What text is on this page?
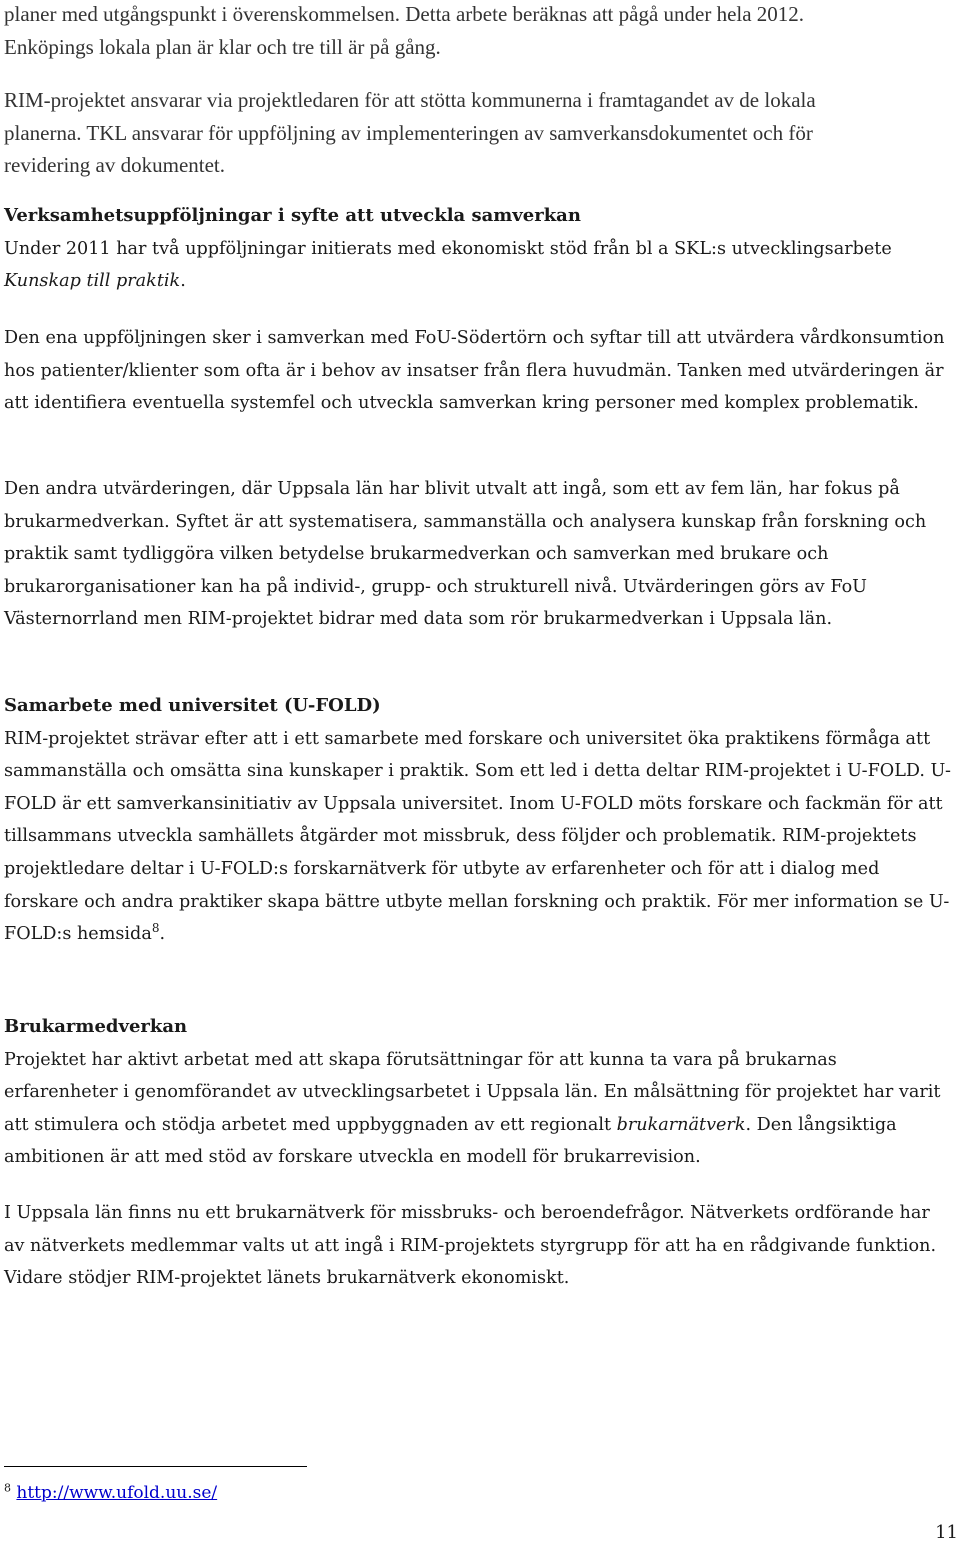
planer med utgångspunkt i överenskommelsen. Detta arbete beräknas att pågå under hela 2012.
Enköpings lokala plan är klar och tre till är på gång.

RIM-projektet ansvarar via projektledaren för att stötta kommunerna i framtagandet av de lokala
planerna. TKL ansvarar för uppföljning av implementeringen av samverkansdokumentet och för
revidering av dokumentet.

Verksamhetsuppföljningar i syfte att utveckla samverkan
Under 2011 har två uppföljningar initierats med ekonomiskt stöd från bl a SKL:s utvecklingsarbete Kunskap till praktik.

Den ena uppföljningen sker i samverkan med FoU-Södertörn och syftar till att utvärdera vårdkonsumtion hos patienter/klienter som ofta är i behov av insatser från flera huvudmän. Tanken med utvärderingen är att identifiera eventuella systemfel och utveckla samverkan kring personer med komplex problematik.

Den andra utvärderingen, där Uppsala län har blivit utvalt att ingå, som ett av fem län, har fokus på brukarmedverkan. Syftet är att systematisera, sammanställa och analysera kunskap från forskning och praktik samt tydliggöra vilken betydelse brukarmedverkan och samverkan med brukare och brukarorganisationer kan ha på individ-, grupp- och strukturell nivå. Utvärderingen görs av FoU Västernorrland men RIM-projektet bidrar med data som rör brukarmedverkan i Uppsala län.

Samarbete med universitet (U-FOLD)
RIM-projektet strävar efter att i ett samarbete med forskare och universitet öka praktikens förmåga att sammanställa och omsätta sina kunskaper i praktik. Som ett led i detta deltar RIM-projektet i U-FOLD. U-FOLD är ett samverkansinitiativ av Uppsala universitet. Inom U-FOLD möts forskare och fackmän för att tillsammans utveckla samhällets åtgärder mot missbruk, dess följder och problematik. RIM-projektets projektledare deltar i U-FOLD:s forskarnätverk för utbyte av erfarenheter och för att i dialog med forskare och andra praktiker skapa bättre utbyte mellan forskning och praktik. För mer information se U-FOLD:s hemsida$^8$.

Brukarmedverkan
Projektet har aktivt arbetat med att skapa förutsättningar för att kunna ta vara på brukarnas erfarenheter i genomförandet av utvecklingsarbetet i Uppsala län. En målsättning för projektet har varit att stimulera och stödja arbetet med uppbyggnaden av ett regionalt brukarnätverk. Den långsiktiga ambitionen är att med stöd av forskare utveckla en modell för brukarrevision.

I Uppsala län finns nu ett brukarnätverk för missbruks- och beroendefrågor. Nätverkets ordförande har av nätverkets medlemmar valts ut att ingå i RIM-projektets styrgrupp för att ha en rådgivande funktion. Vidare stödjer RIM-projektet länets brukarnätverk ekonomiskt.

$^8$ http://www.ufold.uu.se/
11
